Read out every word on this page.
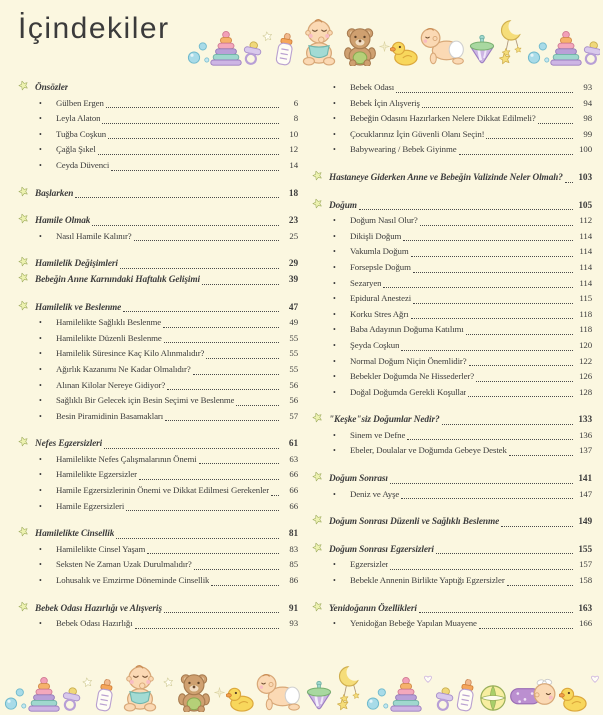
İçindekiler
Önsözler
•	Gülben Ergen	6
•	Leyla Alaton	8
•	Tuğba Coşkun	10
•	Çağla Şıkel	12
•	Ceyda Düvenci	14
Başlarken	18
Hamile Olmak	23
•	Nasıl Hamile Kalınır?	25
Hamilelik Değişimleri	29
Bebeğin Anne Karnındaki Haftalık Gelişimi	39
Hamilelik ve Beslenme	47
•	Hamilelikte Sağlıklı Beslenme	49
•	Hamilelikte Düzenli Beslenme	55
•	Hamilelik Süresince Kaç Kilo Alınmalıdır?	55
•	Ağırlık Kazanımı Ne Kadar Olmalıdır?	55
•	Alınan Kilolar Nereye Gidiyor?	56
•	Sağlıklı Bir Gelecek için Besin Seçimi ve Beslenme	56
•	Besin Piramidinin Basamakları	57
Nefes Egzersizleri	61
•	Hamilelikte Nefes Çalışmalarının Önemi	63
•	Hamilelikte Egzersizler	66
•	Hamile Egzersizlerinin Önemi ve Dikkat Edilmesi Gerekenler	66
•	Hamile Egzersizleri	66
Hamilelikte Cinsellik	81
•	Hamilelikte Cinsel Yaşam	83
•	Seksten Ne Zaman Uzak Durulmalıdır?	85
•	Lohusalık ve Emzirme Döneminde Cinsellik	86
Bebek Odası Hazırlığı ve Alışveriş	91
•	Bebek Odası Hazırlığı	93
•	Bebek Odası	93
•	Bebek İçin Alışveriş	94
•	Bebeğin Odasını Hazırlarken Nelere Dikkat Edilmeli?	98
•	Çocuklarınız İçin Güvenli Olanı Seçin!	99
•	Babywearing / Bebek Giyinme	100
Hastaneye Giderken Anne ve Bebeğin Valizinde Neler Olmalı?	103
Doğum	105
•	Doğum Nasıl Olur?	112
•	Dikişli Doğum	114
•	Vakumla Doğum	114
•	Forsepsle Doğum	114
•	Sezaryen	114
•	Epidural Anestezi	115
•	Korku Stres Ağrı	118
•	Baba Adayının Doğuma Katılımı	118
•	Şeyda Coşkun	120
•	Normal Doğum Niçin Önemlidir?	122
•	Bebekler Doğumda Ne Hissederler?	126
•	Doğal Doğumda Gerekli Koşullar	128
"Keşke"siz Doğumlar Nedir?	133
•	Sinem ve Defne	136
•	Ebeler, Doulalar ve Doğumda Gebeye Destek	137
Doğum Sonrası	141
•	Deniz ve Ayşe	147
Doğum Sonrası Düzenli ve Sağlıklı Beslenme	149
Doğum Sonrası Egzersizleri	155
•	Egzersizler	157
•	Bebekle Annenin Birlikte Yaptığı Egzersizler	158
Yenidoğanın Özellikleri	163
•	Yenidoğan Bebeğe Yapılan Muayene	166
